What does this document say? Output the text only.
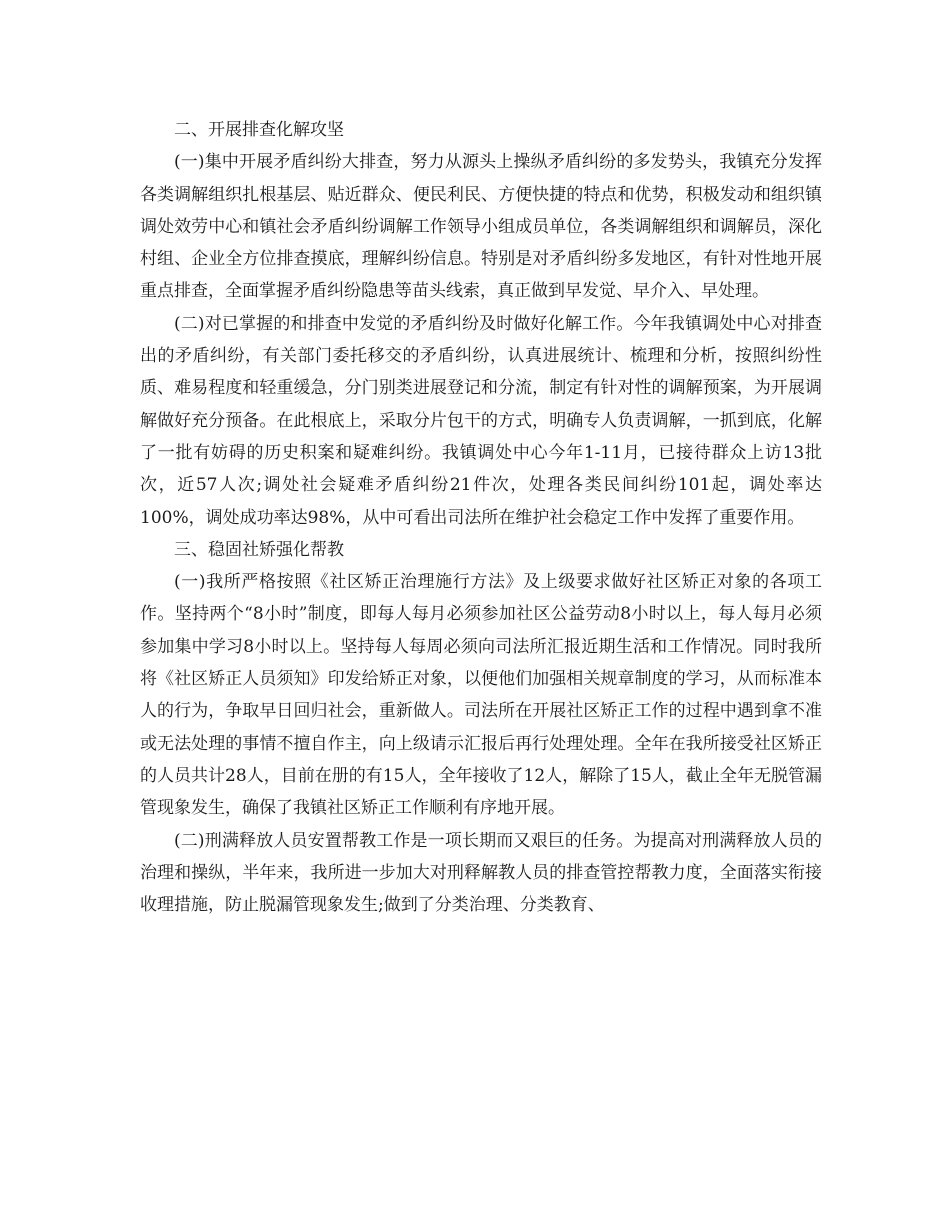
二、开展排查化解攻坚

(一)集中开展矛盾纠纷大排查，努力从源头上操纵矛盾纠纷的多发势头，我镇充分发挥各类调解组织扎根基层、贴近群众、便民利民、方便快捷的特点和优势，积极发动和组织镇调处效劳中心和镇社会矛盾纠纷调解工作领导小组成员单位，各类调解组织和调解员，深化村组、企业全方位排查摸底，理解纠纷信息。特别是对矛盾纠纷多发地区，有针对性地开展重点排查，全面掌握矛盾纠纷隐患等苗头线索，真正做到早发觉、早介入、早处理。

(二)对已掌握的和排查中发觉的矛盾纠纷及时做好化解工作。今年我镇调处中心对排查出的矛盾纠纷，有关部门委托移交的矛盾纠纷，认真进展统计、梳理和分析，按照纠纷性质、难易程度和轻重缓急，分门别类进展登记和分流，制定有针对性的调解预案，为开展调解做好充分预备。在此根底上，采取分片包干的方式，明确专人负责调解，一抓到底，化解了一批有妨碍的历史积案和疑难纠纷。我镇调处中心今年1-11月，已接待群众上访13批次，近57人次;调处社会疑难矛盾纠纷21件次，处理各类民间纠纷101起，调处率达100%，调处成功率达98%，从中可看出司法所在维护社会稳定工作中发挥了重要作用。

三、稳固社矫强化帮教

(一)我所严格按照《社区矫正治理施行方法》及上级要求做好社区矫正对象的各项工作。坚持两个“8小时”制度，即每人每月必须参加社区公益劳动8小时以上，每人每月必须参加集中学习8小时以上。坚持每人每周必须向司法所汇报近期生活和工作情况。同时我所将《社区矫正人员须知》印发给矫正对象，以便他们加强相关规章制度的学习，从而标准本人的行为，争取早日回归社会，重新做人。司法所在开展社区矫正工作的过程中遇到拿不准或无法处理的事情不擅自作主，向上级请示汇报后再行处理处理。全年在我所接受社区矫正的人员共计28人，目前在册的有15人，全年接收了12人，解除了15人，截止全年无脱管漏管现象发生，确保了我镇社区矫正工作顺利有序地开展。

(二)刑满释放人员安置帮教工作是一项长期而又艰巨的任务。为提高对刑满释放人员的治理和操纵，半年来，我所进一步加大对刑释解教人员的排查管控帮教力度，全面落实衔接收理措施，防止脱漏管现象发生;做到了分类治理、分类教育、
